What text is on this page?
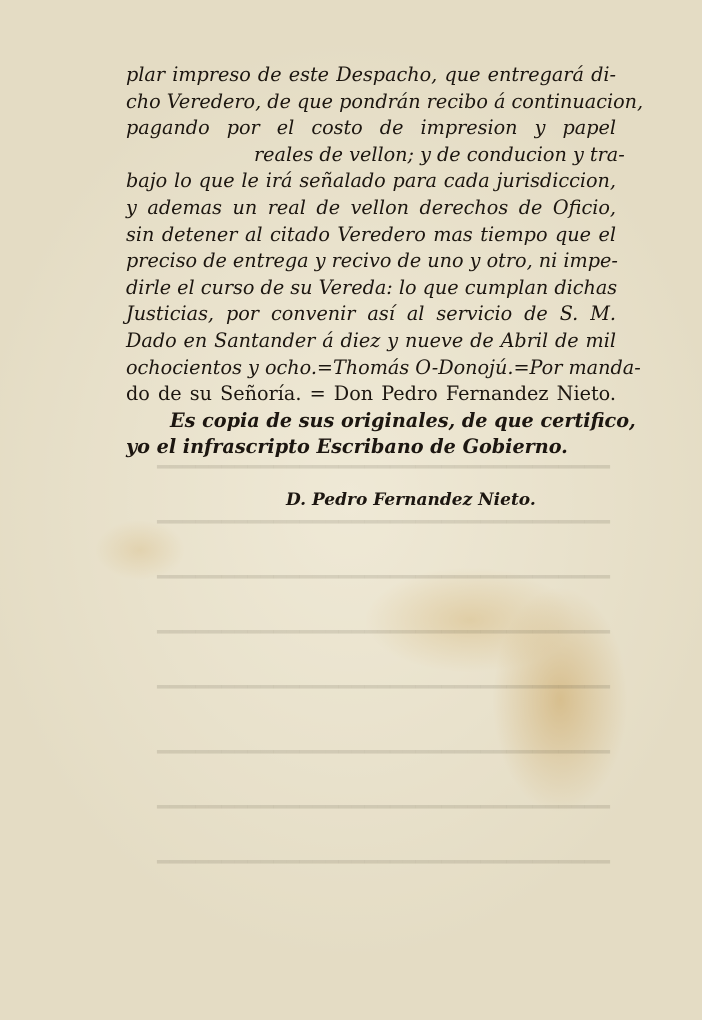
━━━━━━━━━━━━━━━━━━━━━━━━━━━━━━━━━━━
━━━━━━━━━━━━━━━━━━━━━━━━━━━━━━━━━━━
━━━━━━━━━━━━━━━━━━━━━━━━━━━━━━━━━━━
━━━━━━━━━━━━━━━━━━━━━━━━━━━━━━━━━━━
━━━━━━━━━━━━━━━━━━━━━━━━━━━━━━━━━━━
━━━━━━━━━━━━━━━━━━━━━━━━━━━━━━━━━━━
━━━━━━━━━━━━━━━━━━━━━━━━━━━━━━━━━━━
━━━━━━━━━━━━━━━━━━━━━━━━━━━━━━━━━━━
plar impreso de este Despacho, que entregará di-
cho Veredero, de que pondrán recibo á continuacion,
pagando por el costo de impresion y papel
reales de vellon; y de conducion y tra-
bajo lo que le irá señalado para cada jurisdiccion,
y ademas un real de vellon derechos de Oficio,
sin detener al citado Veredero mas tiempo que el
preciso de entrega y recivo de uno y otro, ni impe-
dirle el curso de su Vereda: lo que cumplan dichas
Justicias, por convenir así al servicio de S. M.
Dado en Santander á diez y nueve de Abril de mil
ochocientos y ocho.=Thomás O-Donojú.=Por manda-
do de su Señoría. = Don Pedro Fernandez Nieto.
Es copia de sus originales, de que certifico,
yo el infrascripto Escribano de Gobierno.
D. Pedro Fernandez Nieto.
